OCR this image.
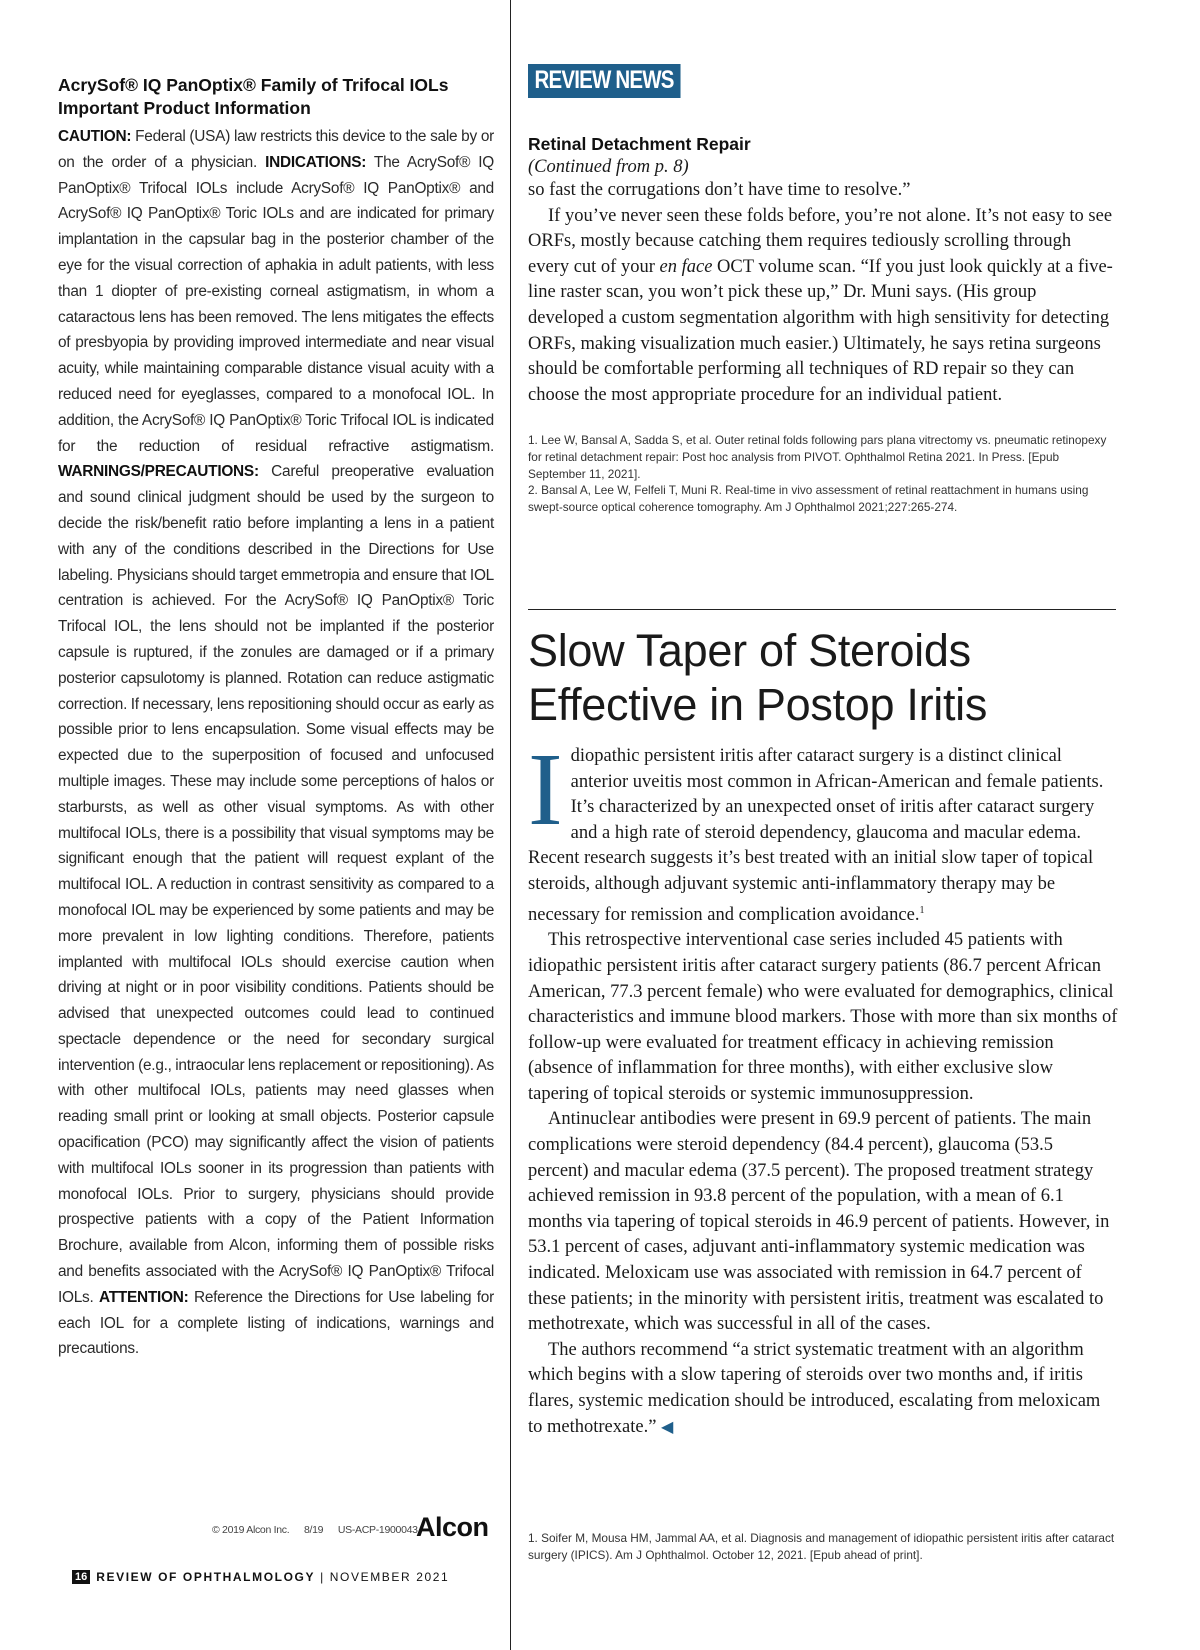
AcrySof® IQ PanOptix® Family of Trifocal IOLs
Important Product Information

CAUTION: Federal (USA) law restricts this device to the sale by or on the order of a physician. INDICATIONS: The AcrySof® IQ PanOptix® Trifocal IOLs include AcrySof® IQ PanOptix® and AcrySof® IQ PanOptix® Toric IOLs and are indicated for primary implantation in the capsular bag in the posterior chamber of the eye for the visual correction of aphakia in adult patients, with less than 1 diopter of pre-existing corneal astigmatism, in whom a cataractous lens has been removed. The lens mitigates the effects of presbyopia by providing improved intermediate and near visual acuity, while maintaining comparable distance visual acuity with a reduced need for eyeglasses, compared to a monofocal IOL. In addition, the AcrySof® IQ PanOptix® Toric Trifocal IOL is indicated for the reduction of residual refractive astigmatism. WARNINGS/PRECAUTIONS: Careful preoperative evaluation and sound clinical judgment should be used by the surgeon to decide the risk/benefit ratio before implanting a lens in a patient with any of the conditions described in the Directions for Use labeling. Physicians should target emmetropia and ensure that IOL centration is achieved. For the AcrySof® IQ PanOptix® Toric Trifocal IOL, the lens should not be implanted if the posterior capsule is ruptured, if the zonules are damaged or if a primary posterior capsulotomy is planned. Rotation can reduce astigmatic correction. If necessary, lens repositioning should occur as early as possible prior to lens encapsulation. Some visual effects may be expected due to the superposition of focused and unfocused multiple images. These may include some perceptions of halos or starbursts, as well as other visual symptoms. As with other multifocal IOLs, there is a possibility that visual symptoms may be significant enough that the patient will request explant of the multifocal IOL. A reduction in contrast sensitivity as compared to a monofocal IOL may be experienced by some patients and may be more prevalent in low lighting conditions. Therefore, patients implanted with multifocal IOLs should exercise caution when driving at night or in poor visibility conditions. Patients should be advised that unexpected outcomes could lead to continued spectacle dependence or the need for secondary surgical intervention (e.g., intraocular lens replacement or repositioning). As with other multifocal IOLs, patients may need glasses when reading small print or looking at small objects. Posterior capsule opacification (PCO) may significantly affect the vision of patients with multifocal IOLs sooner in its progression than patients with monofocal IOLs. Prior to surgery, physicians should provide prospective patients with a copy of the Patient Information Brochure, available from Alcon, informing them of possible risks and benefits associated with the AcrySof® IQ PanOptix® Trifocal IOLs. ATTENTION: Reference the Directions for Use labeling for each IOL for a complete listing of indications, warnings and precautions.

© 2019 Alcon Inc. 8/19 US-ACP-1900043
Alcon
16 REVIEW OF OPHTHALMOLOGY | NOVEMBER 2021
REVIEW NEWS

Retinal Detachment Repair

(Continued from p. 8)

so fast the corrugations don’t have time to resolve.”

If you’ve never seen these folds before, you’re not alone. It’s not easy to see ORFs, mostly because catching them requires tediously scrolling through every cut of your en face OCT volume scan. “If you just look quickly at a five-line raster scan, you won’t pick these up,” Dr. Muni says. (His group developed a custom segmentation algorithm with high sensitivity for detecting ORFs, making visualization much easier.) Ultimately, he says retina surgeons should be comfortable performing all techniques of RD repair so they can choose the most appropriate procedure for an individual patient.

1. Lee W, Bansal A, Sadda S, et al. Outer retinal folds following pars plana vitrectomy vs. pneumatic retinopexy for retinal detachment repair: Post hoc analysis from PIVOT. Ophthalmol Retina 2021. In Press. [Epub September 11, 2021].

2. Bansal A, Lee W, Felfeli T, Muni R. Real-time in vivo assessment of retinal reattachment in humans using swept-source optical coherence tomography. Am J Ophthalmol 2021;227:265-274.

Slow Taper of Steroids
Effective in Postop Iritis

Idiopathic persistent iritis after cataract surgery is a distinct clinical anterior uveitis most common in African-American and female patients. It’s characterized by an unexpected onset of iritis after cataract surgery and a high rate of steroid dependency, glaucoma and macular edema. Recent research suggests it’s best treated with an initial slow taper of topical steroids, although adjuvant systemic anti-inflammatory therapy may be necessary for remission and complication avoidance.$^1$

This retrospective interventional case series included 45 patients with idiopathic persistent iritis after cataract surgery patients (86.7 percent African American, 77.3 percent female) who were evaluated for demographics, clinical characteristics and immune blood markers. Those with more than six months of follow-up were evaluated for treatment efficacy in achieving remission (absence of inflammation for three months), with either exclusive slow tapering of topical steroids or systemic immunosuppression.

Antinuclear antibodies were present in 69.9 percent of patients. The main complications were steroid dependency (84.4 percent), glaucoma (53.5 percent) and macular edema (37.5 percent). The proposed treatment strategy achieved remission in 93.8 percent of the population, with a mean of 6.1 months via tapering of topical steroids in 46.9 percent of patients. However, in 53.1 percent of cases, adjuvant anti-inflammatory systemic medication was indicated. Meloxicam use was associated with remission in 64.7 percent of these patients; in the minority with persistent iritis, treatment was escalated to methotrexate, which was successful in all of the cases.

The authors recommend “a strict systematic treatment with an algorithm which begins with a slow tapering of steroids over two months and, if iritis flares, systemic medication should be introduced, escalating from meloxicam to methotrexate.” ◀

1. Soifer M, Mousa HM, Jammal AA, et al. Diagnosis and management of idiopathic persistent iritis after cataract surgery (IPICS). Am J Ophthalmol. October 12, 2021. [Epub ahead of print].
